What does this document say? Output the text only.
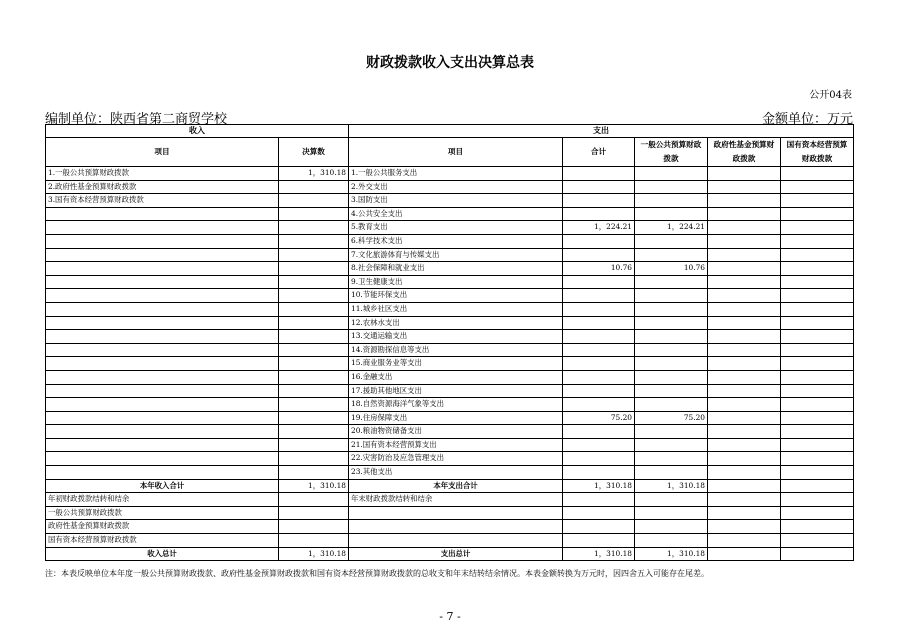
财政拨款收入支出决算总表
公开04表
编制单位：陕西省第二商贸学校	金额单位：万元
收入		支出				
项目	决算数	项目	合计	一般公共预算财政拨款	政府性基金预算财政拨款	国有资本经营预算财政拨款
1.一般公共预算财政拨款	1，310.18	1.一般公共服务支出				
2.政府性基金预算财政拨款		2.外交支出				
3.国有资本经营预算财政拨款		3.国防支出				
		4.公共安全支出				
		5.教育支出	1，224.21	1，224.21		
		6.科学技术支出				
		7.文化旅游体育与传媒支出				
		8.社会保障和就业支出	10.76	10.76		
		9.卫生健康支出				
		10.节能环保支出				
		11.城乡社区支出				
		12.农林水支出				
		13.交通运输支出				
		14.资源勘探信息等支出				
		15.商业服务业等支出				
		16.金融支出				
		17.援助其他地区支出				
		18.自然资源海洋气象等支出				
		19.住房保障支出	75.20	75.20		
		20.粮油物资储备支出				
		21.国有资本经营预算支出				
		22.灾害防治及应急管理支出				
		23.其他支出				
本年收入合计	1，310.18	本年支出合计	1，310.18	1，310.18		
年初财政拨款结转和结余		年末财政拨款结转和结余				
一般公共预算财政拨款						
政府性基金预算财政拨款						
国有资本经营预算财政拨款						
收入总计	1，310.18	支出总计	1，310.18	1，310.18		
注：本表反映单位本年度一般公共预算财政拨款、政府性基金预算财政拨款和国有资本经营预算财政拨款的总收支和年末结转结余情况。本表金额转换为万元时，因四舍五入可能存在尾差。
- 7 -
